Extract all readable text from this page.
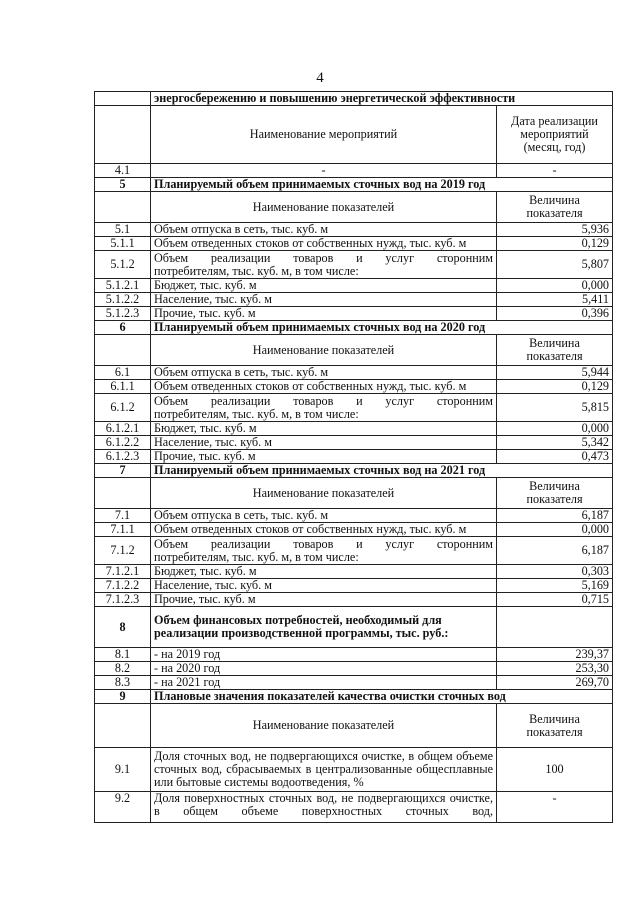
4
	энергосбережению и повышению энергетической эффективности	
	Наименование мероприятий	Дата реализации мероприятий (месяц, год)
4.1	-	-
5	Планируемый объем принимаемых сточных вод на 2019 год	
	Наименование показателей	Величина показателя
5.1	Объем отпуска в сеть, тыс. куб. м	5,936
5.1.1	Объем отведенных стоков от собственных нужд, тыс. куб. м	0,129
5.1.2	Объем реализации товаров и услуг сторонним
потребителям, тыс. куб. м, в том числе:	5,807
5.1.2.1	Бюджет, тыс. куб. м	0,000
5.1.2.2	Население, тыс. куб. м	5,411
5.1.2.3	Прочие, тыс. куб. м	0,396
6	Планируемый объем принимаемых сточных вод на 2020 год	
	Наименование показателей	Величина показателя
6.1	Объем отпуска в сеть, тыс. куб. м	5,944
6.1.1	Объем отведенных стоков от собственных нужд, тыс. куб. м	0,129
6.1.2	Объем реализации товаров и услуг сторонним
потребителям, тыс. куб. м, в том числе:	5,815
6.1.2.1	Бюджет, тыс. куб. м	0,000
6.1.2.2	Население, тыс. куб. м	5,342
6.1.2.3	Прочие, тыс. куб. м	0,473
7	Планируемый объем принимаемых сточных вод на 2021 год	
	Наименование показателей	Величина показателя
7.1	Объем отпуска в сеть, тыс. куб. м	6,187
7.1.1	Объем отведенных стоков от собственных нужд, тыс. куб. м	0,000
7.1.2	Объем реализации товаров и услуг сторонним
потребителям, тыс. куб. м, в том числе:	6,187
7.1.2.1	Бюджет, тыс. куб. м	0,303
7.1.2.2	Население, тыс. куб. м	5,169
7.1.2.3	Прочие, тыс. куб. м	0,715
8	Объем финансовых потребностей, необходимый для
реализации производственной программы, тыс. руб.:	

8.1	- на 2019 год	239,37
8.2	- на 2020 год	253,30
8.3	- на 2021 год	269,70
9	Плановые значения показателей качества очистки сточных вод	
	Наименование показателей	Величина показателя
9.1	Доля сточных вод, не подвергающихся очистке, в общем объеме сточных вод, сбрасываемых в централизованные общесплавные или бытовые системы водоотведения, %	100
9.2	Доля поверхностных сточных вод, не подвергающихся очистке, в общем объеме поверхностных сточных вод,	-
